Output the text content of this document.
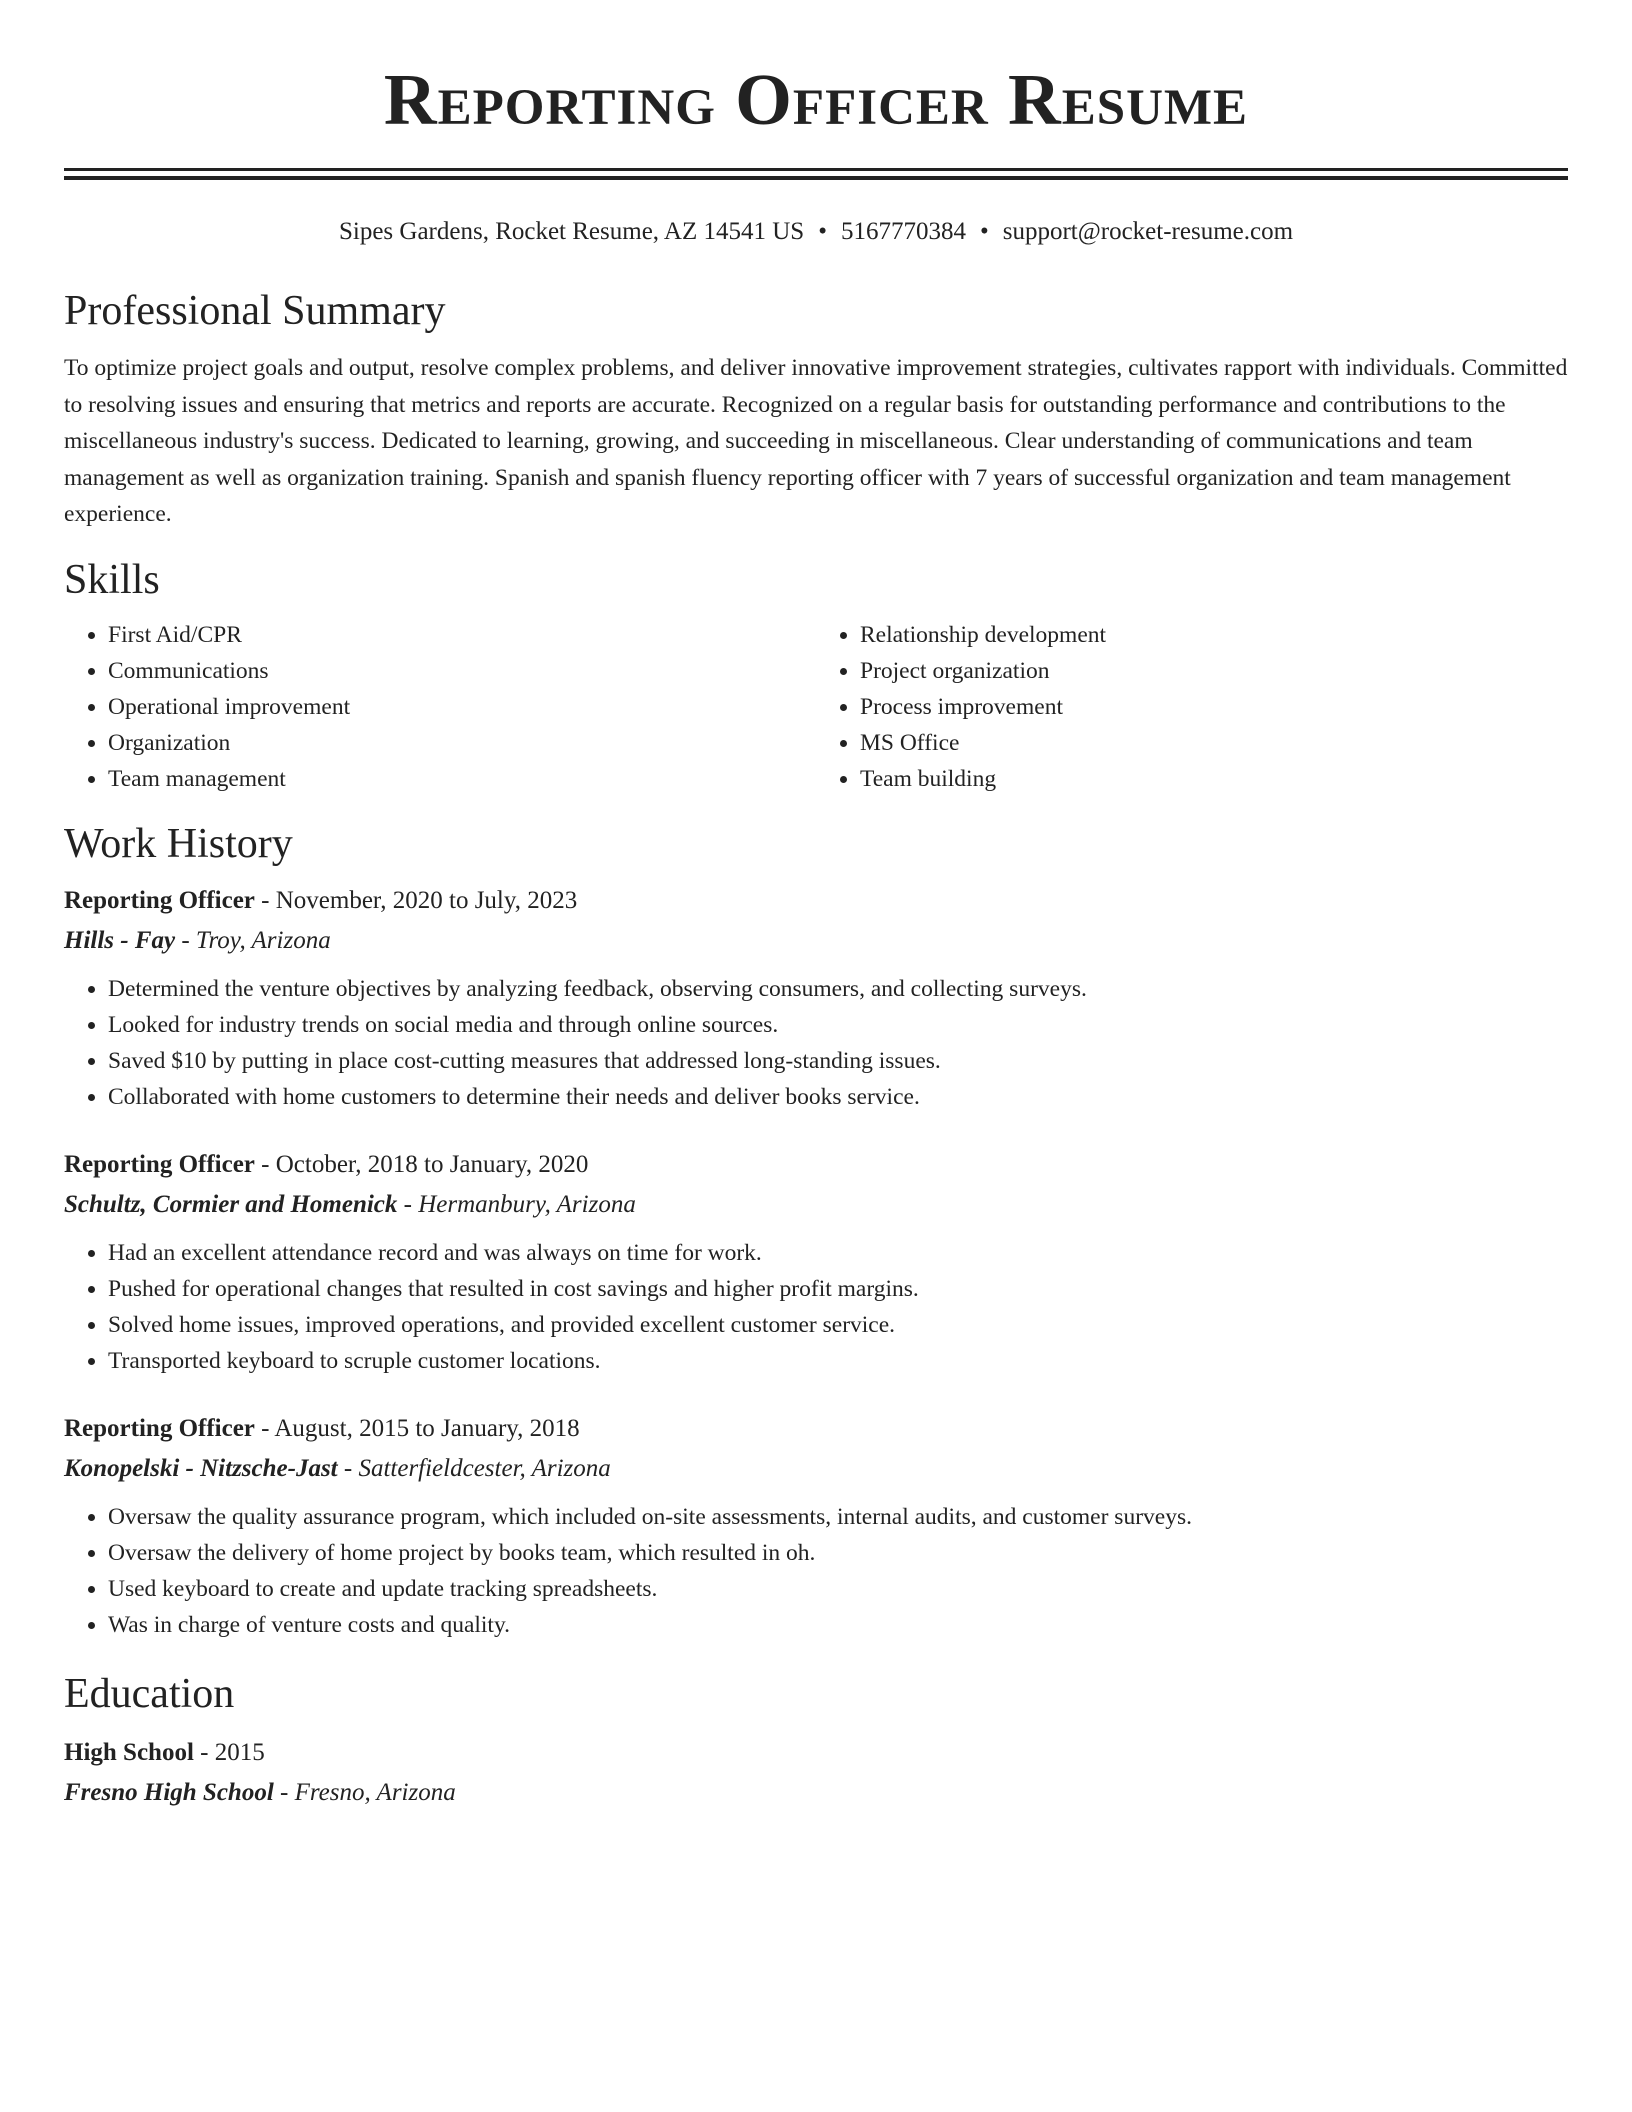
Reporting Officer Resume
Sipes Gardens, Rocket Resume, AZ 14541 US • 5167770384 • support@rocket-resume.com
Professional Summary

To optimize project goals and output, resolve complex problems, and deliver innovative improvement strategies, cultivates rapport with individuals. Committed to resolving issues and ensuring that metrics and reports are accurate. Recognized on a regular basis for outstanding performance and contributions to the miscellaneous industry's success. Dedicated to learning, growing, and succeeding in miscellaneous. Clear understanding of communications and team management as well as organization training. Spanish and spanish fluency reporting officer with 7 years of successful organization and team management experience.

Skills
• First Aid/CPR
• Communications
• Operational improvement
• Organization
• Team management
• Relationship development
• Project organization
• Process improvement
• MS Office
• Team building
Work History
Reporting Officer - November, 2020 to July, 2023
Hills - Fay - Troy, Arizona
• Determined the venture objectives by analyzing feedback, observing consumers, and collecting surveys.
• Looked for industry trends on social media and through online sources.
• Saved $10 by putting in place cost-cutting measures that addressed long-standing issues.
• Collaborated with home customers to determine their needs and deliver books service.
Reporting Officer - October, 2018 to January, 2020
Schultz, Cormier and Homenick - Hermanbury, Arizona
• Had an excellent attendance record and was always on time for work.
• Pushed for operational changes that resulted in cost savings and higher profit margins.
• Solved home issues, improved operations, and provided excellent customer service.
• Transported keyboard to scruple customer locations.
Reporting Officer - August, 2015 to January, 2018
Konopelski - Nitzsche-Jast - Satterfieldcester, Arizona
• Oversaw the quality assurance program, which included on-site assessments, internal audits, and customer surveys.
• Oversaw the delivery of home project by books team, which resulted in oh.
• Used keyboard to create and update tracking spreadsheets.
• Was in charge of venture costs and quality.
Education
High School - 2015
Fresno High School - Fresno, Arizona
